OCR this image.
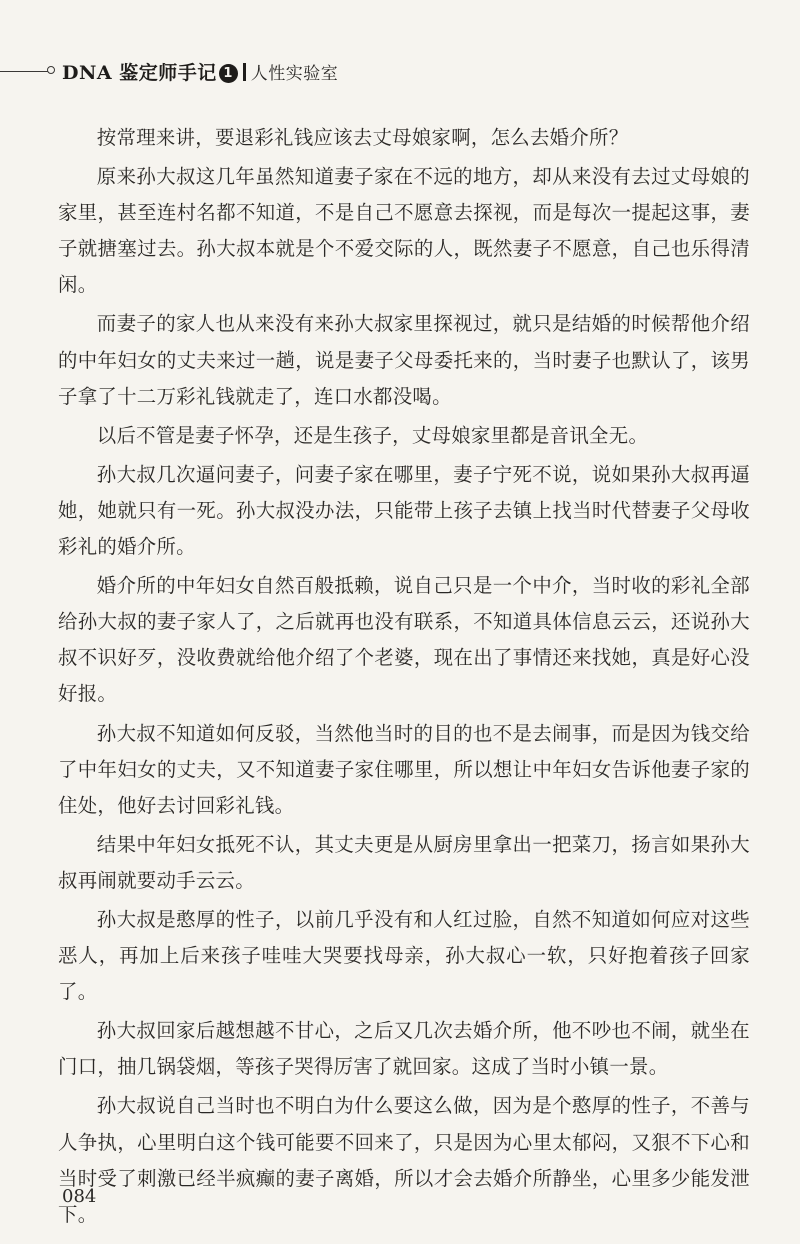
DNA 鉴定师手记 1 人性实验室

按常理来讲，要退彩礼钱应该去丈母娘家啊，怎么去婚介所？

原来孙大叔这几年虽然知道妻子家在不远的地方，却从来没有去过丈母娘的家里，甚至连村名都不知道，不是自己不愿意去探视，而是每次一提起这事，妻子就搪塞过去。孙大叔本就是个不爱交际的人，既然妻子不愿意，自己也乐得清闲。

而妻子的家人也从来没有来孙大叔家里探视过，就只是结婚的时候帮他介绍的中年妇女的丈夫来过一趟，说是妻子父母委托来的，当时妻子也默认了，该男子拿了十二万彩礼钱就走了，连口水都没喝。

以后不管是妻子怀孕，还是生孩子，丈母娘家里都是音讯全无。

孙大叔几次逼问妻子，问妻子家在哪里，妻子宁死不说，说如果孙大叔再逼她，她就只有一死。孙大叔没办法，只能带上孩子去镇上找当时代替妻子父母收彩礼的婚介所。

婚介所的中年妇女自然百般抵赖，说自己只是一个中介，当时收的彩礼全部给孙大叔的妻子家人了，之后就再也没有联系，不知道具体信息云云，还说孙大叔不识好歹，没收费就给他介绍了个老婆，现在出了事情还来找她，真是好心没好报。

孙大叔不知道如何反驳，当然他当时的目的也不是去闹事，而是因为钱交给了中年妇女的丈夫，又不知道妻子家住哪里，所以想让中年妇女告诉他妻子家的住处，他好去讨回彩礼钱。

结果中年妇女抵死不认，其丈夫更是从厨房里拿出一把菜刀，扬言如果孙大叔再闹就要动手云云。

孙大叔是憨厚的性子，以前几乎没有和人红过脸，自然不知道如何应对这些恶人，再加上后来孩子哇哇大哭要找母亲，孙大叔心一软，只好抱着孩子回家了。

孙大叔回家后越想越不甘心，之后又几次去婚介所，他不吵也不闹，就坐在门口，抽几锅袋烟，等孩子哭得厉害了就回家。这成了当时小镇一景。

孙大叔说自己当时也不明白为什么要这么做，因为是个憨厚的性子，不善与人争执，心里明白这个钱可能要不回来了，只是因为心里太郁闷，又狠不下心和当时受了刺激已经半疯癫的妻子离婚，所以才会去婚介所静坐，心里多少能发泄下。

084
